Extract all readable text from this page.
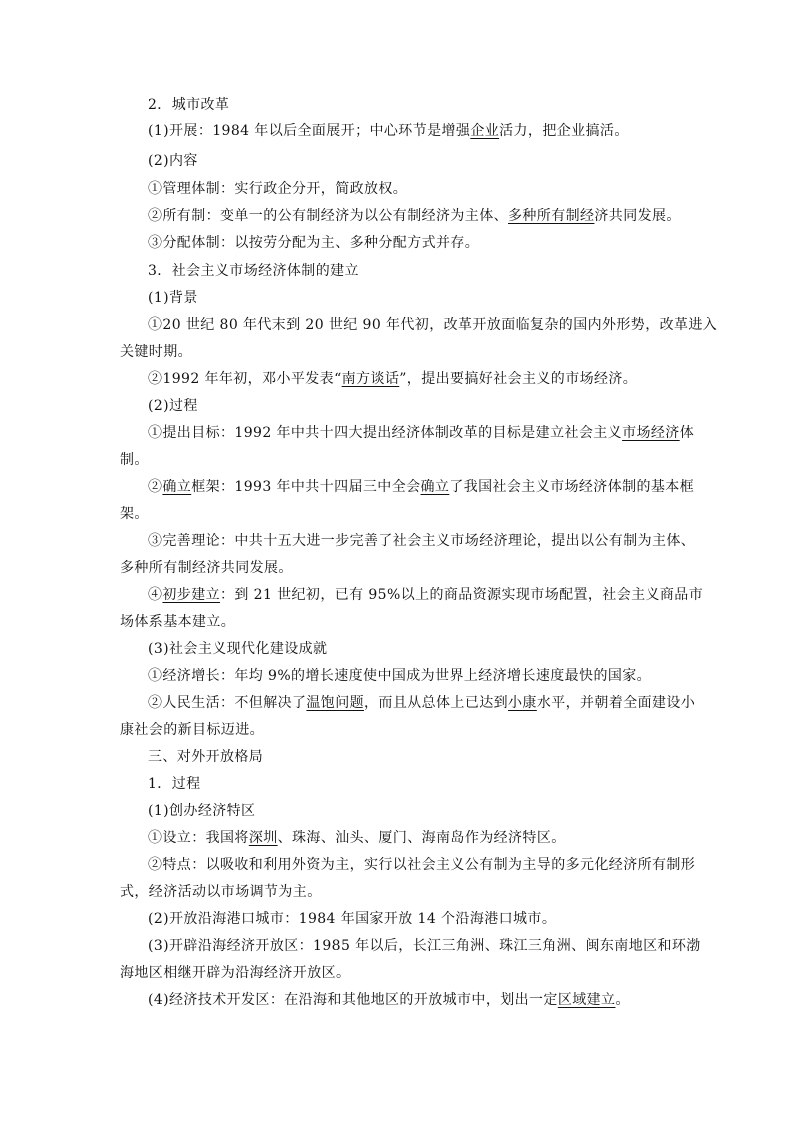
2．城市改革
(1)开展：1984 年以后全面展开；中心环节是增强企业活力，把企业搞活。
(2)内容
①管理体制：实行政企分开，简政放权。
②所有制：变单一的公有制经济为以公有制经济为主体、多种所有制经济共同发展。
③分配体制：以按劳分配为主、多种分配方式并存。
3．社会主义市场经济体制的建立
(1)背景
①20 世纪 80 年代末到 20 世纪 90 年代初，改革开放面临复杂的国内外形势，改革进入
关键时期。
②1992 年年初，邓小平发表“南方谈话”，提出要搞好社会主义的市场经济。
(2)过程
①提出目标：1992 年中共十四大提出经济体制改革的目标是建立社会主义市场经济体
制。
②确立框架：1993 年中共十四届三中全会确立了我国社会主义市场经济体制的基本框
架。
③完善理论：中共十五大进一步完善了社会主义市场经济理论，提出以公有制为主体、
多种所有制经济共同发展。
④初步建立：到 21 世纪初，已有 95%以上的商品资源实现市场配置，社会主义商品市
场体系基本建立。
(3)社会主义现代化建设成就
①经济增长：年均 9%的增长速度使中国成为世界上经济增长速度最快的国家。
②人民生活：不但解决了温饱问题，而且从总体上已达到小康水平，并朝着全面建设小
康社会的新目标迈进。
三、对外开放格局
1．过程
(1)创办经济特区
①设立：我国将深圳、珠海、汕头、厦门、海南岛作为经济特区。
②特点：以吸收和利用外资为主，实行以社会主义公有制为主导的多元化经济所有制形
式，经济活动以市场调节为主。
(2)开放沿海港口城市：1984 年国家开放 14 个沿海港口城市。
(3)开辟沿海经济开放区：1985 年以后，长江三角洲、珠江三角洲、闽东南地区和环渤
海地区相继开辟为沿海经济开放区。
(4)经济技术开发区：在沿海和其他地区的开放城市中，划出一定区域建立。
